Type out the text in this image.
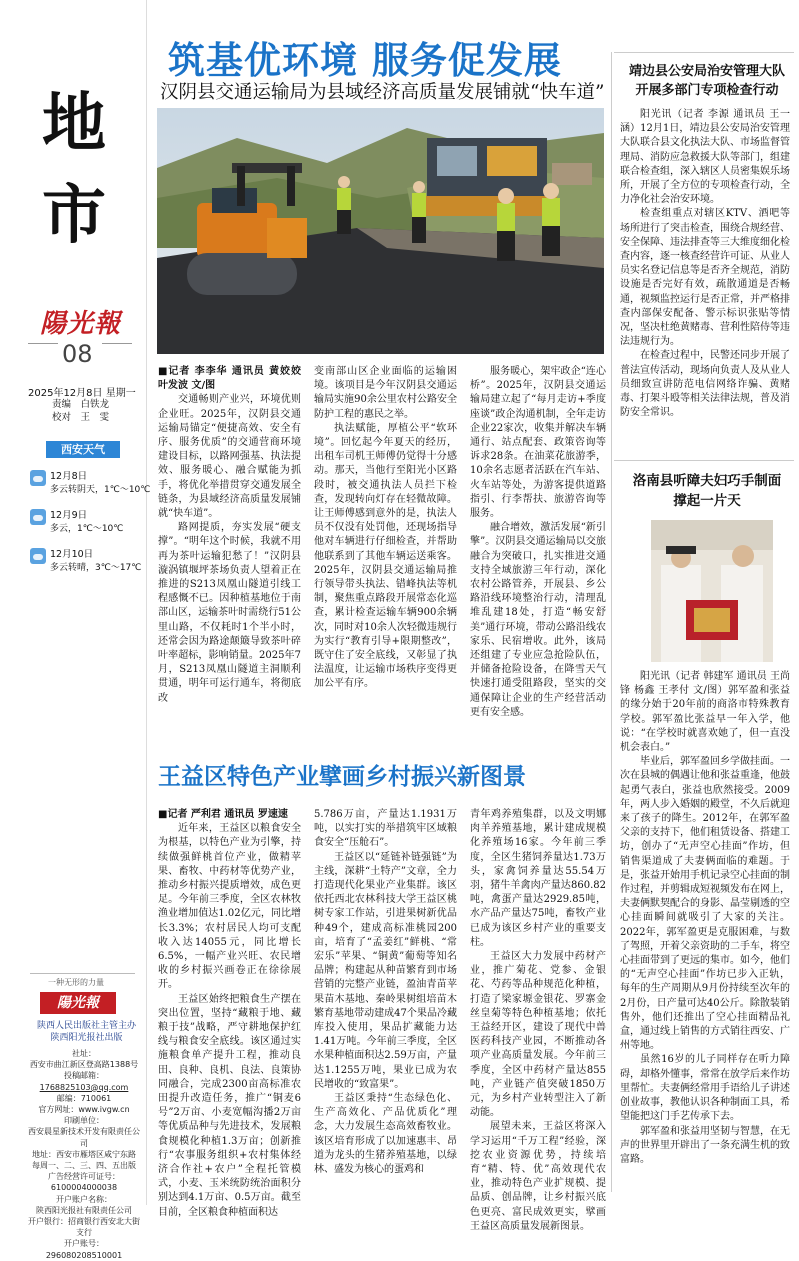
地
市
陽光報
08
2025年12月8日 星期一
责编　白铁龙
校对　王　雯
西安天气
12月8日
多云转阴天，1℃～10℃
12月9日
多云，1℃～10℃
12月10日
多云转晴，3℃～17℃
一种无形的力量
陽光報
陕西人民出版社主管主办
陕西阳光报社出版
社址：
西安市曲江新区登高路1388号
投稿邮箱：
1768825103@qq.com
邮编：710061
官方网址：www.ivgw.cn
印刷单位：
西安晨星新技术开发有限责任公司
地址：西安市雁塔区咸宁东路
每周一、二、三、四、五出版
广告经营许可证号：
6100004000038
开户账户名称：
陕西阳光报社有限责任公司
开户银行：招商银行西安北大街支行
开户账号：296080208510001
筑基优环境 服务促发展
汉阴县交通运输局为县域经济高质量发展铺就“快车道”

■记者 李李华 通讯员 黄姣姣 叶发波 文/图

交通畅则产业兴，环境优则企业旺。2025年，汉阴县交通运输局锚定“便捷高效、安全有序、服务优质”的交通营商环境建设目标，以路网强基、执法提效、服务暖心、融合赋能为抓手，将优化举措贯穿交通发展全链条，为县域经济高质量发展铺就“快车道”。

路网提质，夯实发展“硬支撑”。“明年这个时候，我就不用再为茶叶运输犯愁了！”汉阴县漩涡镇堰坪茶场负责人望着正在推进的S213凤凰山隧道引线工程感慨不已。因种植基地位于南部山区，运输茶叶时需绕行51公里山路，不仅耗时1个半小时，还常会因为路途颠簸导致茶叶碎叶率超标，影响销量。2025年7月，S213凤凰山隧道主洞顺利贯通，明年可运行通车，将彻底改

变南部山区企业面临的运输困境。该项目是今年汉阴县交通运输局实施90余公里农村公路安全防护工程的惠民之举。

执法赋能，厚植公平“软环境”。回忆起今年夏天的经历，出租车司机王师傅仍觉得十分感动。那天，当他行至阳光小区路段时，被交通执法人员拦下检查，发现转向灯存在轻微故障。让王师傅感到意外的是，执法人员不仅没有处罚他，还现场指导他对车辆进行仔细检查，并帮助他联系到了其他车辆运送乘客。2025年，汉阴县交通运输局推行领导带头执法、错峰执法等机制，聚焦重点路段开展常态化巡查，累计检查运输车辆900余辆次，同时对10余人次轻微违规行为实行“教育引导+限期整改”，既守住了安全底线，又彰显了执法温度，让运输市场秩序变得更加公平有序。

服务暖心，架牢政企“连心桥”。2025年，汉阴县交通运输局建立起了“每月走访+季度座谈”政企沟通机制，全年走访企业22家次，收集并解决车辆通行、站点配套、政策咨询等诉求28条。在油菜花旅游季，10余名志愿者活跃在汽车站、火车站等处，为游客提供道路指引、行李帮扶、旅游咨询等服务。

融合增效，激活发展“新引擎”。汉阴县交通运输局以交旅融合为突破口，扎实推进交通支持全域旅游三年行动，深化农村公路管养，开展县、乡公路沿线环境整治行动，清理乱堆乱建18处，打造“畅安舒美”通行环境，带动公路沿线农家乐、民宿增收。此外，该局还组建了专业应急抢险队伍，并储备抢险设备，在降雪天气快速打通受阻路段，坚实的交通保障让企业的生产经营活动更有安全感。

王益区特色产业擘画乡村振兴新图景

■记者 严利君 通讯员 罗速速

近年来，王益区以粮食安全为根基，以特色产业为引擎，持续做强鲜桃首位产业，做精苹果、畜牧、中药材等优势产业，推动乡村振兴提质增效，成色更足。今年前三季度，全区农林牧渔业增加值达1.02亿元，同比增长3.3%；农村居民人均可支配收入达14055元，同比增长6.5%，一幅产业兴旺、农民增收的乡村振兴画卷正在徐徐展开。

王益区始终把粮食生产摆在突出位置，坚持“藏粮于地、藏粮于技”战略，严守耕地保护红线与粮食安全底线。该区通过实施粮食单产提升工程，推动良田、良种、良机、良法、良策协同融合，完成2300亩高标准农田提升改造任务，推广“铜麦6号”2万亩、小麦宽幅沟播2万亩等优质品种与先进技术，发展粮食规模化种植1.3万亩；创新推行“农事服务组织+农村集体经济合作社+农户”全程托管模式，小麦、玉米统防统治面积分别达到4.1万亩、0.5万亩。截至目前，全区粮食种植面积达

5.786万亩，产量达1.1931万吨，以实打实的举措筑牢区域粮食安全“压舱石”。

王益区以“延链补链强链”为主线，深耕“土特产”文章，全力打造现代化果业产业集群。该区依托西北农林科技大学王益区桃树专家工作站，引进果树新优品种49个，建成高标准桃园200亩，培育了“孟姜红”鲜桃、“常宏乐”苹果、“铜黄”葡萄等知名品牌；构建起从种苗繁育到市场营销的完整产业链，盈油青苗苹果苗木基地、秦岭果树组培苗木繁育基地带动建成47个果品冷藏库投入使用，果品扩藏能力达1.41万吨。今年前三季度，全区水果种植面积达2.59万亩，产量达1.1255万吨，果业已成为农民增收的“致富果”。

王益区秉持“生态绿色化、生产高效化、产品优质化”理念，大力发展生态高效畜牧业。该区培育形成了以加速惠丰、昂道为龙头的生猪养殖基地，以绿林、盛发为核心的蛋鸡和

青年鸡养殖集群，以及文明娜肉羊养殖基地，累计建成规模化养殖场16家。今年前三季度，全区生猪饲养量达1.73万头，家禽饲养量达55.54万羽，猪牛羊禽肉产量达860.82吨，禽蛋产量达2929.85吨，水产品产量达75吨，畜牧产业已成为该区乡村产业的重要支柱。

王益区大力发展中药材产业，推广菊花、党参、金银花、芍药等品种规范化种植，打造了梁家塬金银花、罗寨金丝皇菊等特色种植基地；依托王益经开区，建设了现代中兽医药科技产业园，不断推动各项产业高质量发展。今年前三季度，全区中药材产量达855吨，产业链产值突破1850万元，为乡村产业转型注入了新动能。

展望未来，王益区将深入学习运用“千万工程”经验，深挖农业资源优势，持续培育“精、特、优”高效现代农业，推动特色产业扩规模、提品质、创品牌，让乡村振兴底色更亮、富民成效更实，擘画王益区高质量发展新图景。

靖边县公安局治安管理大队
开展多部门专项检查行动

阳光讯（记者 李源 通讯员 王一涵）12月1日，靖边县公安局治安管理大队联合县文化执法大队、市场监督管理局、消防应急救援大队等部门，组建联合检查组，深入辖区人员密集娱乐场所，开展了全方位的专项检查行动，全力净化社会治安环境。

检查组重点对辖区KTV、酒吧等场所进行了突击检查，围绕合规经营、安全保障、违法排查等三大维度细化检查内容，逐一核查经营许可证、从业人员实名登记信息等是否齐全规范，消防设施是否完好有效，疏散通道是否畅通，视频监控运行是否正常，并严格排查内部保安配备、警示标识张贴等情况，坚决杜绝黄赌毒、营利性陪侍等违法违规行为。

在检查过程中，民警还同步开展了普法宣传活动，现场向负责人及从业人员细致宣讲防范电信网络诈骗、黄赌毒、打架斗殴等相关法律法规，普及消防安全常识。

洛南县听障夫妇巧手制面
撑起一片天

阳光讯（记者 韩建军 通讯员 王尚锋 杨鑫 王孝付 文/图）郭军盈和张益的缘分始于20年前的商洛市特殊教育学校。郭军盈比张益早一年入学，他说：“在学校时就喜欢她了，但一直没机会表白。”

毕业后，郭军盈回乡学做挂面。一次在县城的偶遇让他和张益重逢，他鼓起勇气表白，张益也欣然接受。2009年，两人步入婚姻的殿堂，不久后就迎来了孩子的降生。2012年，在郭军盈父亲的支持下，他们租赁设备、搭建工坊，创办了“无声空心挂面”作坊，但销售渠道成了夫妻俩面临的难题。于是，张益开始用手机记录空心挂面的制作过程，并剪辑成短视频发布在网上，夫妻俩默契配合的身影、晶莹剔透的空心挂面瞬间就吸引了大家的关注。2022年，郭军盈更是克服困难，与数了驾照，开着父亲资助的二手车，将空心挂面带到了更远的集市。如今，他们的“无声空心挂面”作坊已步入正轨，每年的生产周期从9月份持续至次年的2月份，日产量可达40公斤。除散装销售外，他们还推出了空心挂面精品礼盒，通过线上销售的方式销往西安、广州等地。

虽然16岁的儿子同样存在听力障碍，却格外懂事，常常在放学后来作坊里帮忙。夫妻俩经常用手语给儿子讲述创业故事，教他认识各种制面工具，希望能把这门手艺传承下去。

郭军盈和张益用坚韧与智慧，在无声的世界里开辟出了一条充满生机的致富路。
